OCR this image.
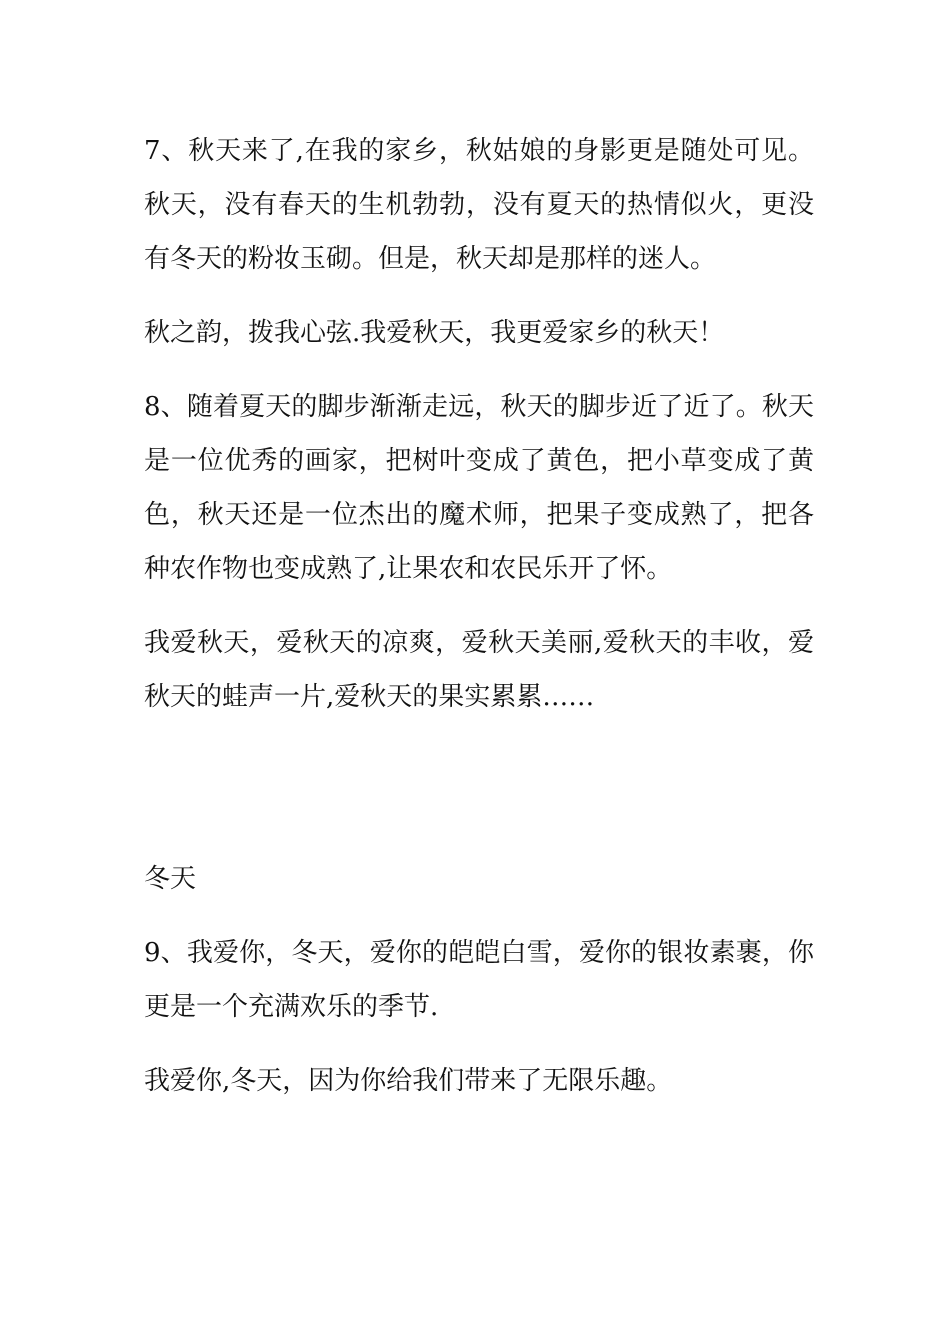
7、秋天来了,在我的家乡，秋姑娘的身影更是随处可见。
秋天，没有春天的生机勃勃，没有夏天的热情似火，更没
有冬天的粉妆玉砌。但是，秋天却是那样的迷人。
秋之韵，拨我心弦.我爱秋天，我更爱家乡的秋天！
8、随着夏天的脚步渐渐走远，秋天的脚步近了近了。秋天
是一位优秀的画家，把树叶变成了黄色，把小草变成了黄
色，秋天还是一位杰出的魔术师，把果子变成熟了，把各
种农作物也变成熟了,让果农和农民乐开了怀。
我爱秋天，爱秋天的凉爽，爱秋天美丽,爱秋天的丰收，爱
秋天的蛙声一片,爱秋天的果实累累……
冬天
9、我爱你，冬天，爱你的皑皑白雪，爱你的银妆素裹，你
更是一个充满欢乐的季节.
我爱你,冬天，因为你给我们带来了无限乐趣。
